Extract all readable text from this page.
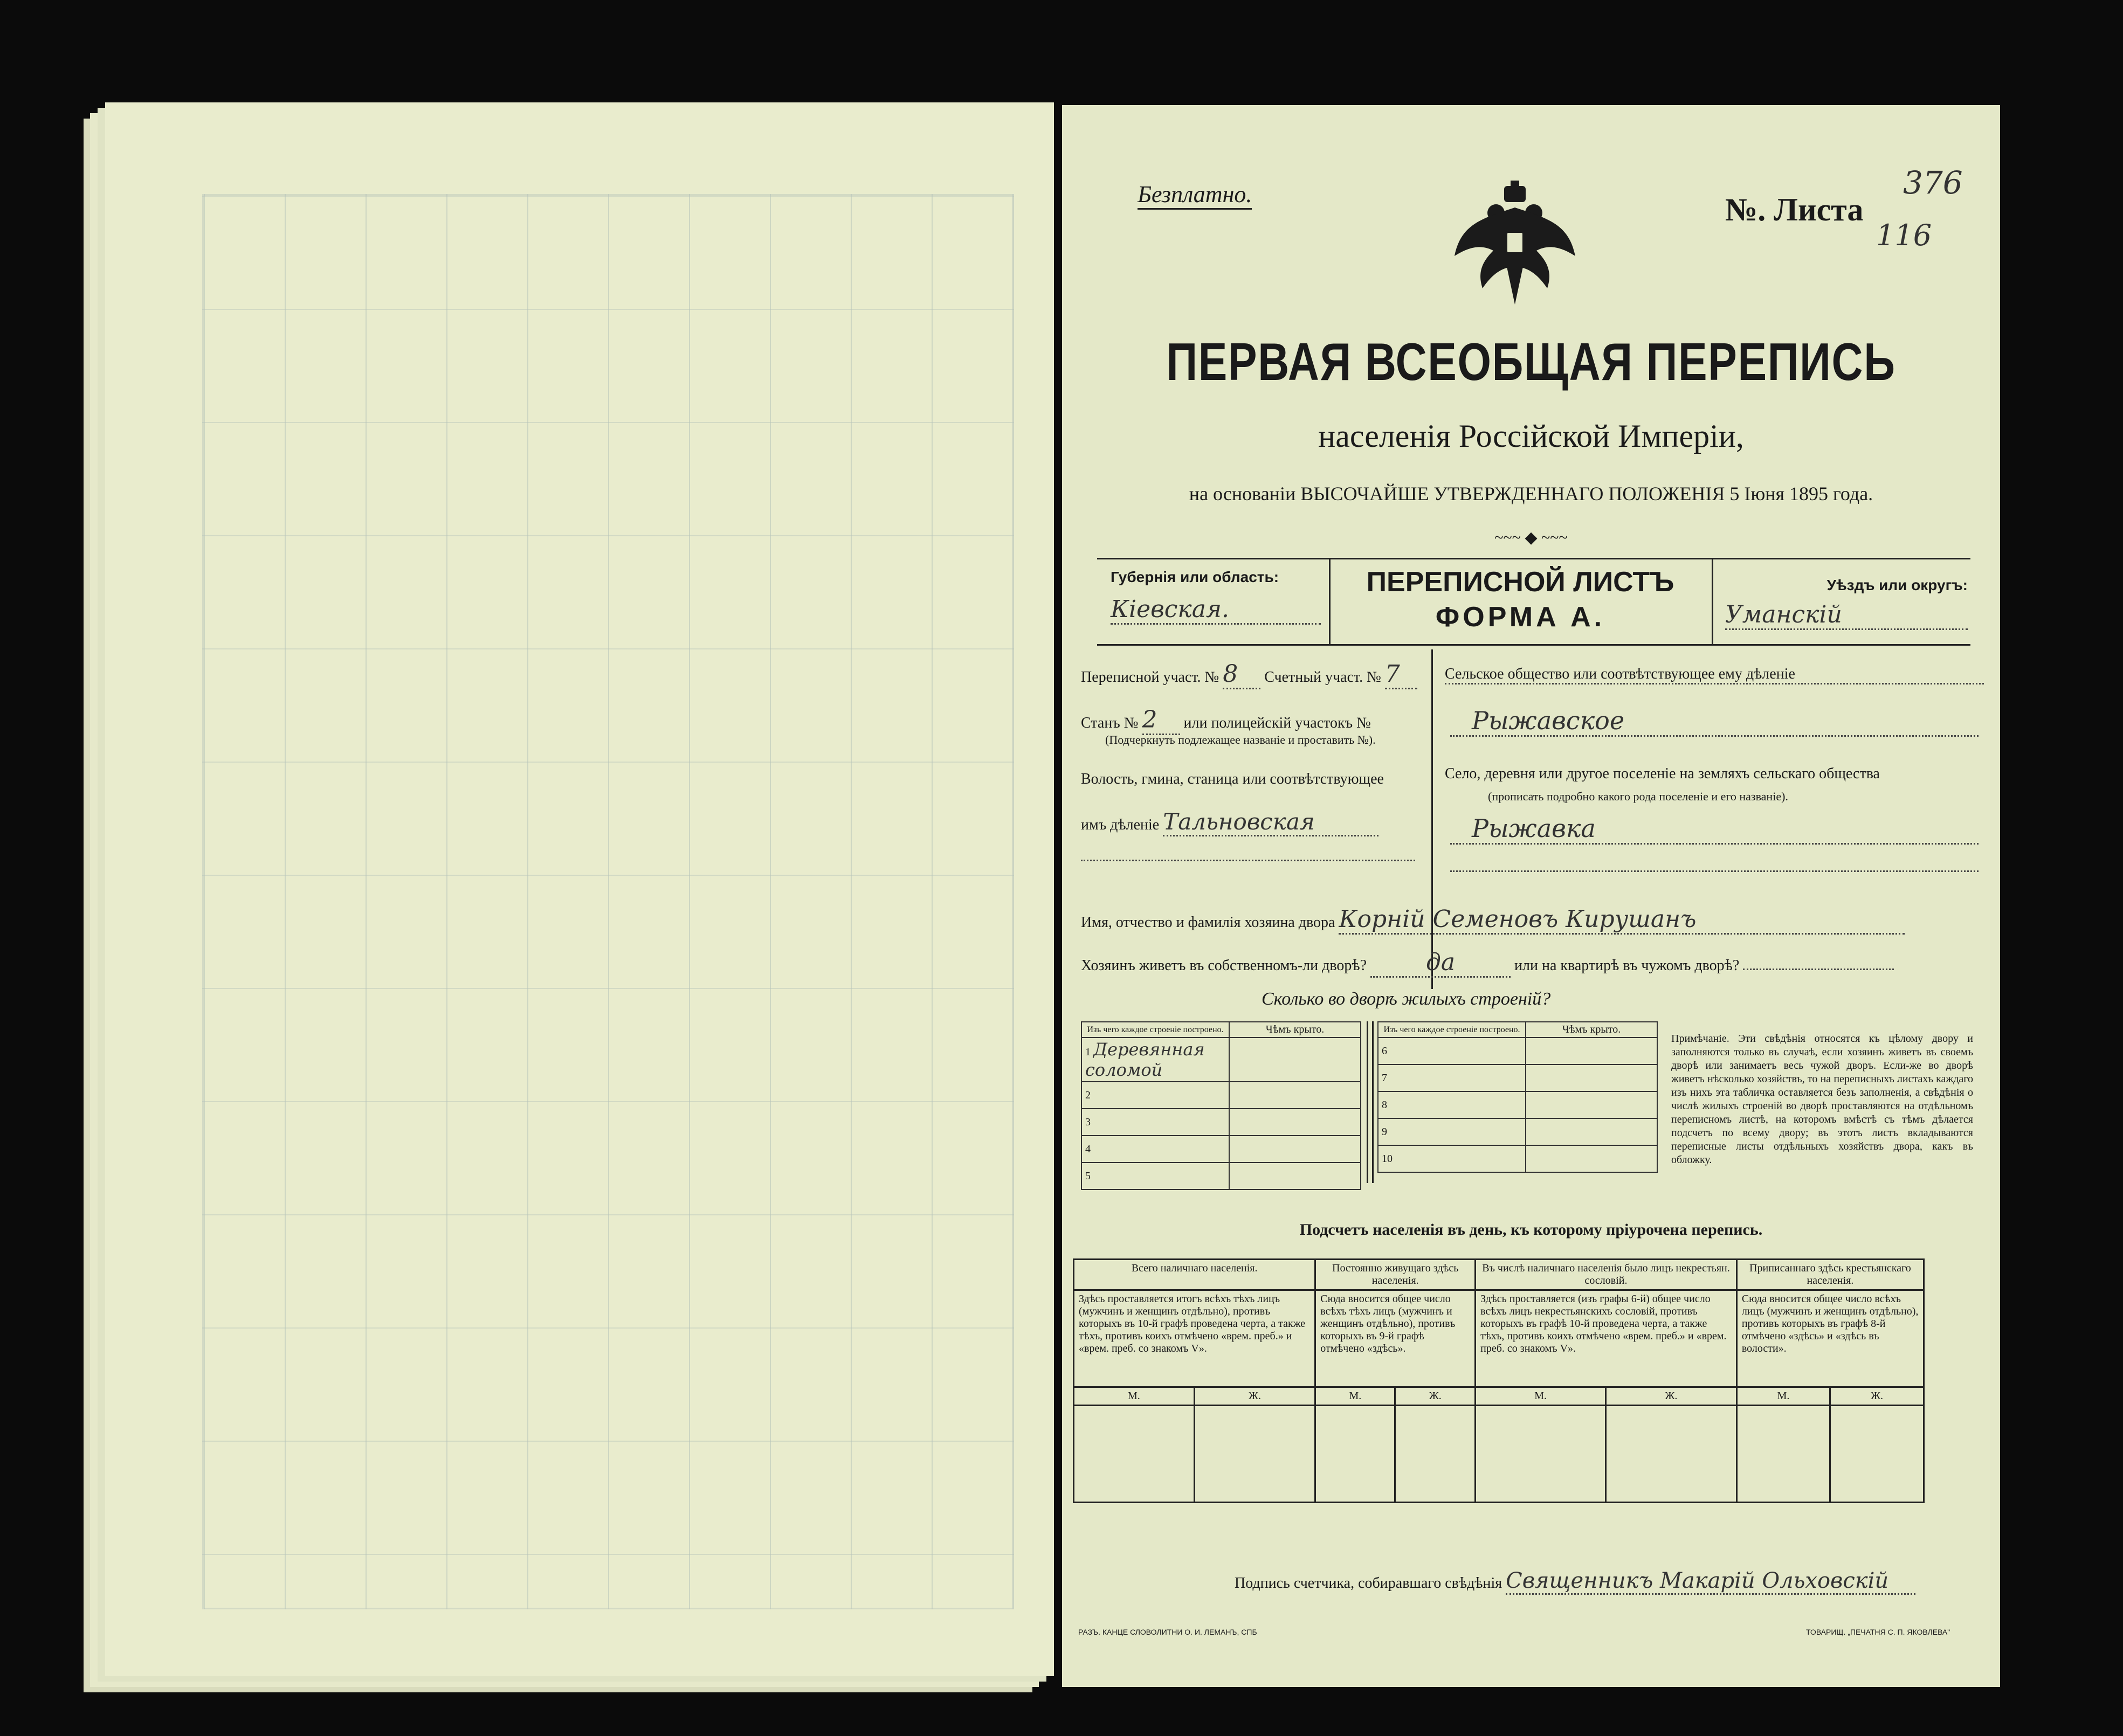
Безплатно.	№. Листа
376
116
ПЕРВАЯ ВСЕОБЩАЯ ПЕРЕПИСЬ
населенія Россійской Имперіи,
на основаніи ВЫСОЧАЙШЕ УТВЕРЖДЕННАГО ПОЛОЖЕНІЯ 5 Іюня 1895 года.
~~~ ◆ ~~~
Губернія или область:
Кіевская.
ПЕРЕПИСНОЙ ЛИСТЪ
ФОРМА А.
Уѣздъ или округъ:
Уманскій
Переписной участ. № 8 Счетный участ. № 7
Станъ № 2 или полицейскій участокъ №
(Подчеркнуть подлежащее названіе и проставить №).
Волость, гмина, станица или соотвѣтствующее
имъ дѣленіе Тальновская
Сельское общество или соотвѣтствующее ему дѣленіе
Рыжавское
Село, деревня или другое поселеніе на земляхъ сельскаго общества
(прописать подробно какого рода поселеніе и его названіе).
Рыжавка
Имя, отчество и фамилія хозяина двора Корній Семеновъ Кирушанъ
Хозяинъ живетъ въ собственномъ-ли дворѣ? да	или на квартирѣ въ чужомъ дворѣ?
Сколько во дворѣ жилыхъ строеній?
Изъ чего каждое строеніе построено.	Чѣмъ крыто.
1 Деревянная соломой	
2	
3	
4	
5	
Изъ чего каждое строеніе построено.	Чѣмъ крыто.
6	
7	
8	
9	
10	
Примѣчаніе. Эти свѣдѣнія относятся къ цѣлому двору и заполняются только въ случаѣ, если хозяинъ живетъ въ своемъ дворѣ или занимаетъ весь чужой дворъ. Если-же во дворѣ живетъ нѣсколько хозяйствъ, то на переписныхъ листахъ каждаго изъ нихъ эта табличка оставляется безъ заполненія, а свѣдѣнія о числѣ жилыхъ строеній во дворѣ проставляются на отдѣльномъ переписномъ листѣ, на которомъ вмѣстѣ съ тѣмъ дѣлается подсчетъ по всему двору; въ этотъ листъ вкладываются переписные листы отдѣльныхъ хозяйствъ двора, какъ въ обложку.
Подсчетъ населенія въ день, къ которому пріурочена перепись.
Всего наличнаго населенія.		Постоянно живущаго здѣсь населенія.		Въ числѣ наличнаго населенія было лицъ некрестьян. сословій.		Приписаннаго здѣсь крестьянскаго населенія.	
Здѣсь проставляется итогъ всѣхъ тѣхъ лицъ (мужчинъ и женщинъ отдѣльно), противъ которыхъ въ 10-й графѣ проведена черта, а также тѣхъ, противъ коихъ отмѣчено «врем. преб.» и «врем. преб. со знакомъ V».		Сюда вносится общее число всѣхъ тѣхъ лицъ (мужчинъ и женщинъ отдѣльно), противъ которыхъ въ 9-й графѣ отмѣчено «здѣсь».		Здѣсь проставляется (изъ графы 6-й) общее число всѣхъ лицъ некрестьянскихъ сословій, противъ которыхъ въ графѣ 10-й проведена черта, а также тѣхъ, противъ коихъ отмѣчено «врем. преб.» и «врем. преб. со знакомъ V».		Сюда вносится общее число всѣхъ лицъ (мужчинъ и женщинъ отдѣльно), противъ которыхъ въ графѣ 8-й отмѣчено «здѣсь» и «здѣсь въ волости».	
М.	Ж.	М.	Ж.	М.	Ж.	М.	Ж.

Подпись счетчика, собиравшаго свѣдѣнія Священникъ Макарій Ольховскій
РАЗЪ. КАНЦЕ СЛОВОЛИТНИ О. И. ЛЕМАНЪ, СПБ	ТОВАРИЩ. „ПЕЧАТНЯ С. П. ЯКОВЛЕВА"
